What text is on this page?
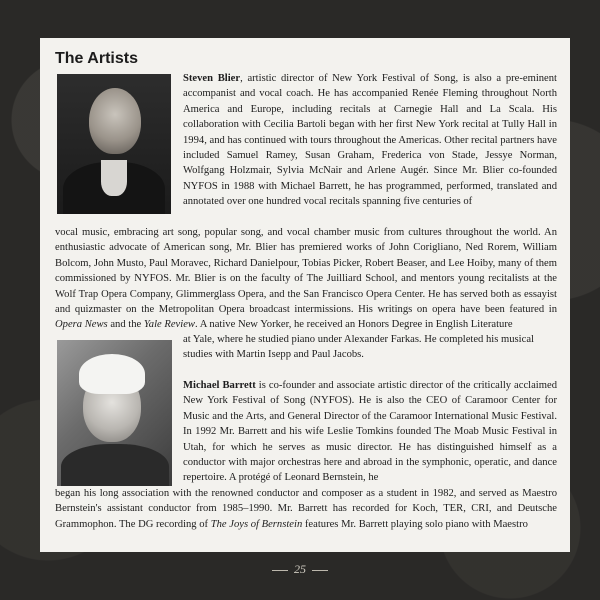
The Artists

Steven Blier, artistic director of New York Festival of Song, is also a pre-eminent accompanist and vocal coach. He has accompanied Renée Fleming throughout North America and Europe, including recitals at Carnegie Hall and La Scala. His collaboration with Cecilia Bartoli began with her first New York recital at Tully Hall in 1994, and has continued with tours throughout the Americas. Other recital partners have included Samuel Ramey, Susan Graham, Frederica von Stade, Jessye Norman, Wolfgang Holzmair, Sylvia McNair and Arlene Augér. Since Mr. Blier co-founded NYFOS in 1988 with Michael Barrett, he has programmed, performed, translated and annotated over one hundred vocal recitals spanning five centuries of

vocal music, embracing art song, popular song, and vocal chamber music from cultures throughout the world. An enthusiastic advocate of American song, Mr. Blier has premiered works of John Corigliano, Ned Rorem, William Bolcom, John Musto, Paul Moravec, Richard Danielpour, Tobias Picker, Robert Beaser, and Lee Hoiby, many of them commissioned by NYFOS. Mr. Blier is on the faculty of The Juilliard School, and mentors young recitalists at the Wolf Trap Opera Company, Glimmerglass Opera, and the San Francisco Opera Center. He has served both as essayist and quizmaster on the Metropolitan Opera broadcast intermissions. His writings on opera have been featured in Opera News and the Yale Review. A native New Yorker, he received an Honors Degree in English Literature

at Yale, where he studied piano under Alexander Farkas. He completed his musical studies with Martin Isepp and Paul Jacobs.

Michael Barrett is co-founder and associate artistic director of the critically acclaimed New York Festival of Song (NYFOS). He is also the CEO of Caramoor Center for Music and the Arts, and General Director of the Caramoor International Music Festival. In 1992 Mr. Barrett and his wife Leslie Tomkins founded The Moab Music Festival in Utah, for which he serves as music director. He has distinguished himself as a conductor with major orchestras here and abroad in the symphonic, operatic, and dance repertoire. A protégé of Leonard Bernstein, he

began his long association with the renowned conductor and composer as a student in 1982, and served as Maestro Bernstein's assistant conductor from 1985–1990. Mr. Barrett has recorded for Koch, TER, CRI, and Deutsche Grammophon. The DG recording of The Joys of Bernstein features Mr. Barrett playing solo piano with Maestro

25
